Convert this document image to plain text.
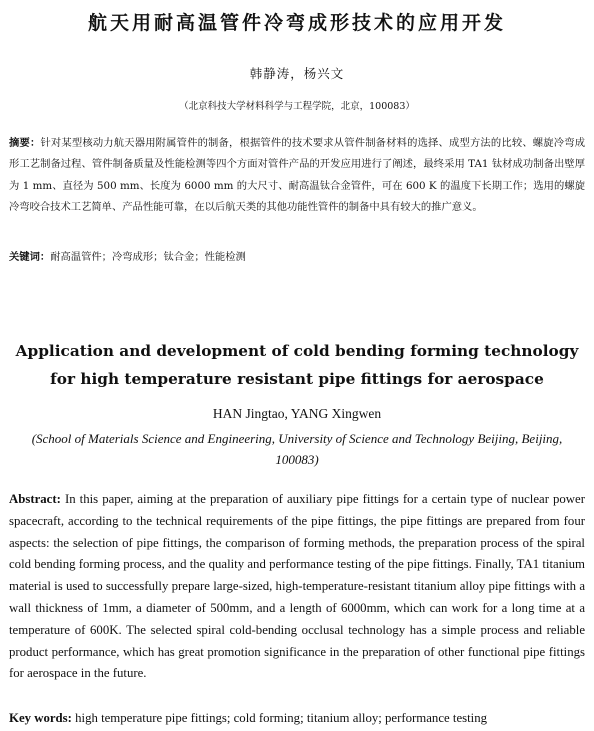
航天用耐高温管件冷弯成形技术的应用开发
韩静涛，杨兴文
（北京科技大学材料科学与工程学院，北京，100083）
摘要：针对某型核动力航天器用附属管件的制备，根据管件的技术要求从管件制备材料的选择、成型方法的比较、螺旋冷弯成形工艺制备过程、管件制备质量及性能检测等四个方面对管件产品的开发应用进行了阐述，最终采用 TA1 钛材成功制备出壁厚为 1 mm、直径为 500 mm、长度为 6000 mm 的大尺寸、耐高温钛合金管件，可在 600 K 的温度下长期工作；选用的螺旋冷弯咬合技术工艺简单、产品性能可靠，在以后航天类的其他功能性管件的制备中具有较大的推广意义。
关键词：耐高温管件；冷弯成形；钛合金；性能检测
Application and development of cold bending forming technology for high temperature resistant pipe fittings for aerospace
HAN Jingtao, YANG Xingwen
(School of Materials Science and Engineering, University of Science and Technology Beijing, Beijing, 100083)
Abstract: In this paper, aiming at the preparation of auxiliary pipe fittings for a certain type of nuclear power spacecraft, according to the technical requirements of the pipe fittings, the pipe fittings are prepared from four aspects: the selection of pipe fittings, the comparison of forming methods, the preparation process of the spiral cold bending forming process, and the quality and performance testing of the pipe fittings. Finally, TA1 titanium material is used to successfully prepare large-sized, high-temperature-resistant titanium alloy pipe fittings with a wall thickness of 1mm, a diameter of 500mm, and a length of 6000mm, which can work for a long time at a temperature of 600K. The selected spiral cold-bending occlusal technology has a simple process and reliable product performance, which has great promotion significance in the preparation of other functional pipe fittings for aerospace in the future.
Key words: high temperature pipe fittings; cold forming; titanium alloy; performance testing
